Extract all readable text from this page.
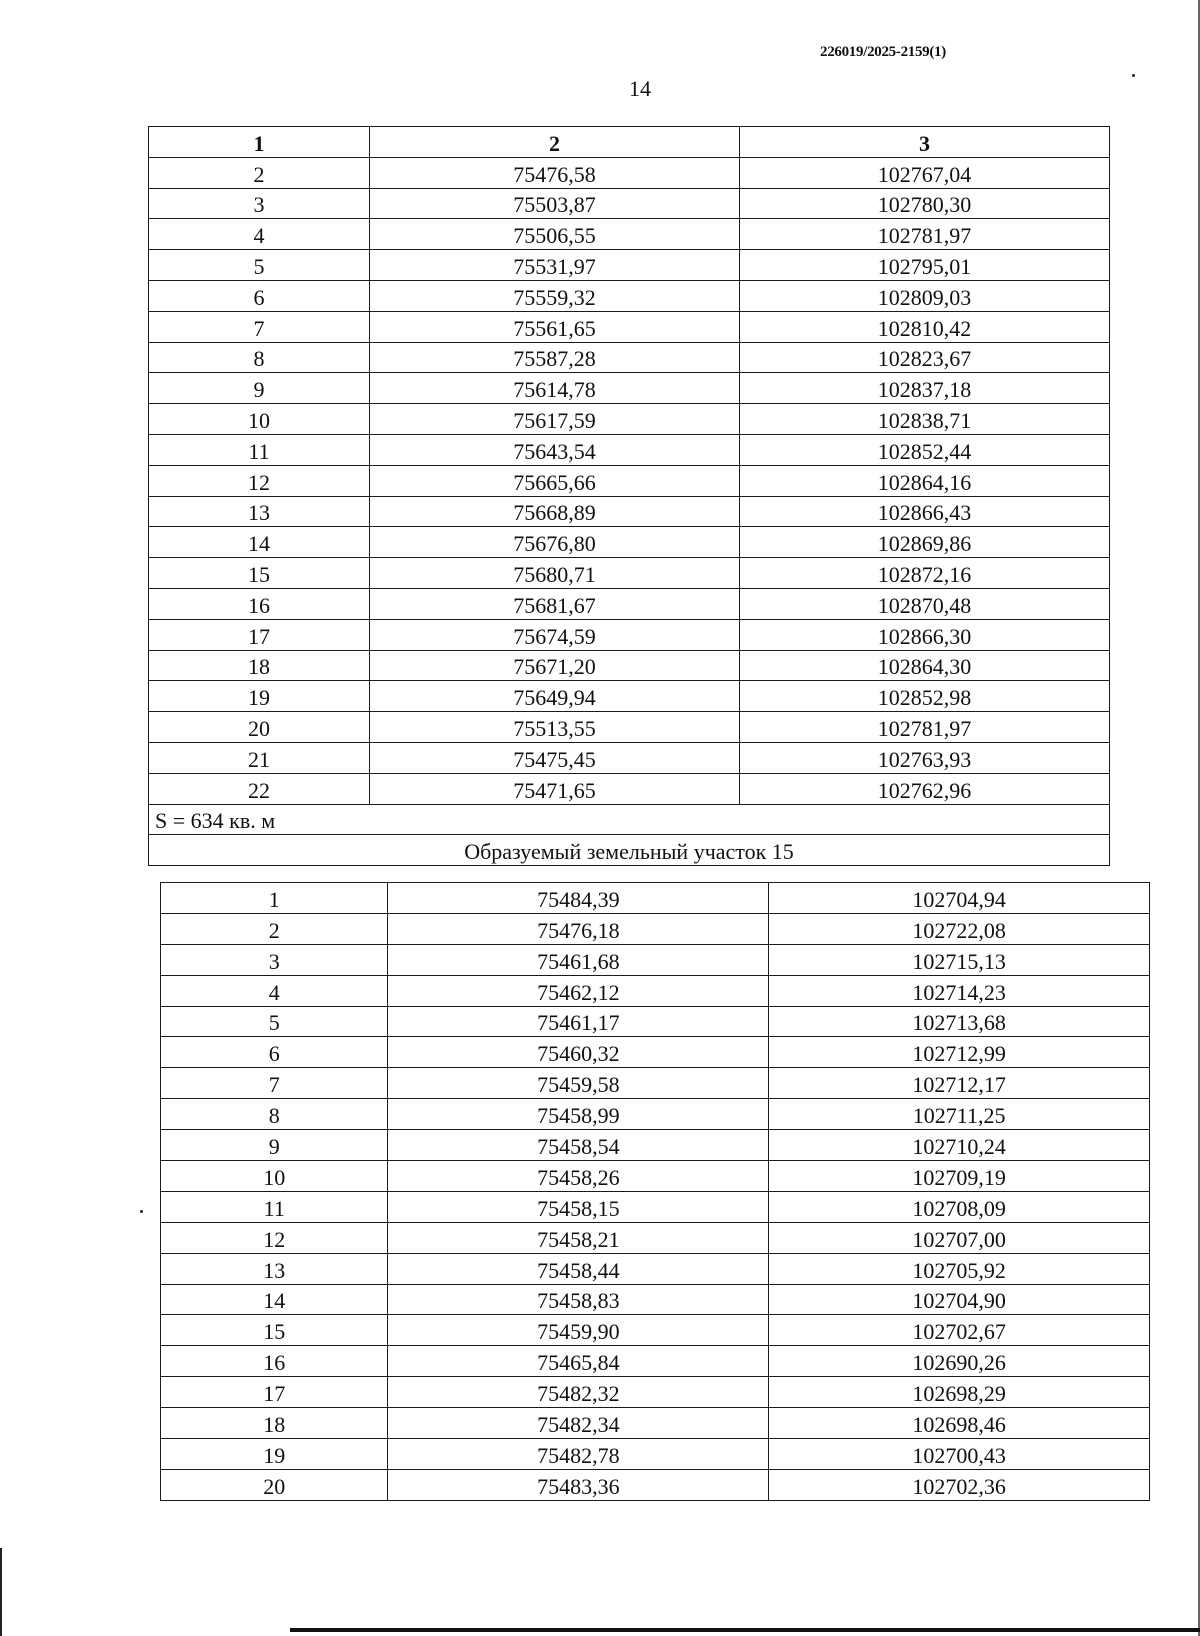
226019/2025-2159(1)
14
1	2	3
2	75476,58	102767,04
3	75503,87	102780,30
4	75506,55	102781,97
5	75531,97	102795,01
6	75559,32	102809,03
7	75561,65	102810,42
8	75587,28	102823,67
9	75614,78	102837,18
10	75617,59	102838,71
11	75643,54	102852,44
12	75665,66	102864,16
13	75668,89	102866,43
14	75676,80	102869,86
15	75680,71	102872,16
16	75681,67	102870,48
17	75674,59	102866,30
18	75671,20	102864,30
19	75649,94	102852,98
20	75513,55	102781,97
21	75475,45	102763,93
22	75471,65	102762,96
S = 634 кв. м		
Образуемый земельный участок 15		
1	75484,39	102704,94
2	75476,18	102722,08
3	75461,68	102715,13
4	75462,12	102714,23
5	75461,17	102713,68
6	75460,32	102712,99
7	75459,58	102712,17
8	75458,99	102711,25
9	75458,54	102710,24
10	75458,26	102709,19
11	75458,15	102708,09
12	75458,21	102707,00
13	75458,44	102705,92
14	75458,83	102704,90
15	75459,90	102702,67
16	75465,84	102690,26
17	75482,32	102698,29
18	75482,34	102698,46
19	75482,78	102700,43
20	75483,36	102702,36
